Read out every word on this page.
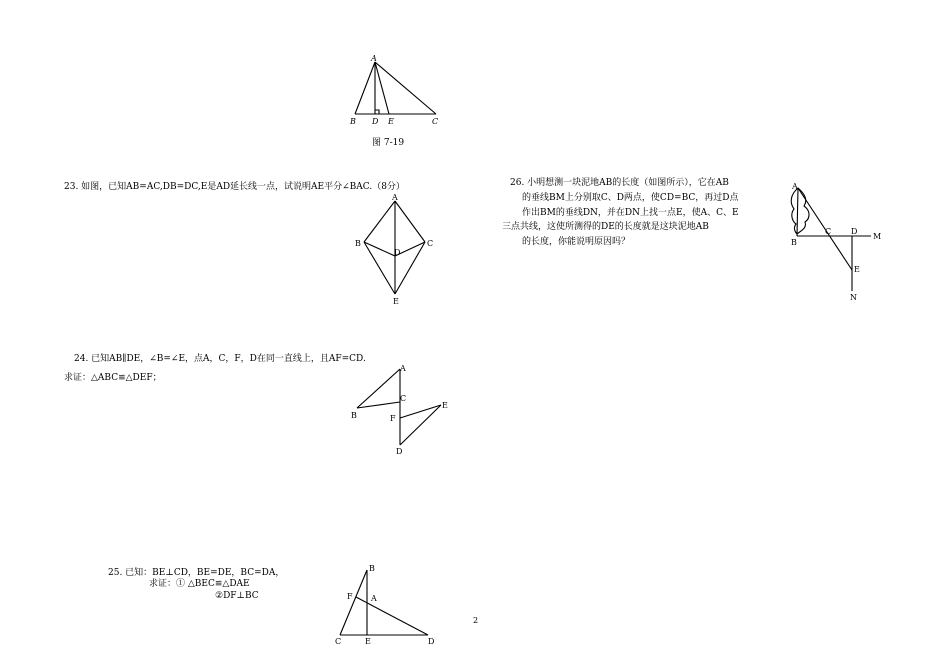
A
B D E	C
图 7-19
23. 如图，已知AB=AC,DB=DC,E是AD延长线一点，试说明AE平分∠BAC.（8分）
A
B	C
D
E
24. 已知AB∥DE，∠B=∠E，点A，C，F，D在同一直线上，且AF=CD.
求证：△ABC≌△DEF；
A
B
C
F
E
D
25. 已知：BE⊥CD，BE=DE，BC=DA，
求证：① △BEC≌△DAE
②DF⊥BC
B
F A
C	E	D
26. 小明想测一块泥地AB的长度（如图所示），它在AB
的垂线BM上分别取C、D两点，使CD=BC，再过D点
作出BM的垂线DN，并在DN上找一点E，使A、C、E
三点共线，这使所测得的DE的长度就是这块泥地AB
的长度，你能说明原因吗？
A
B
C D
M
E
N
2
